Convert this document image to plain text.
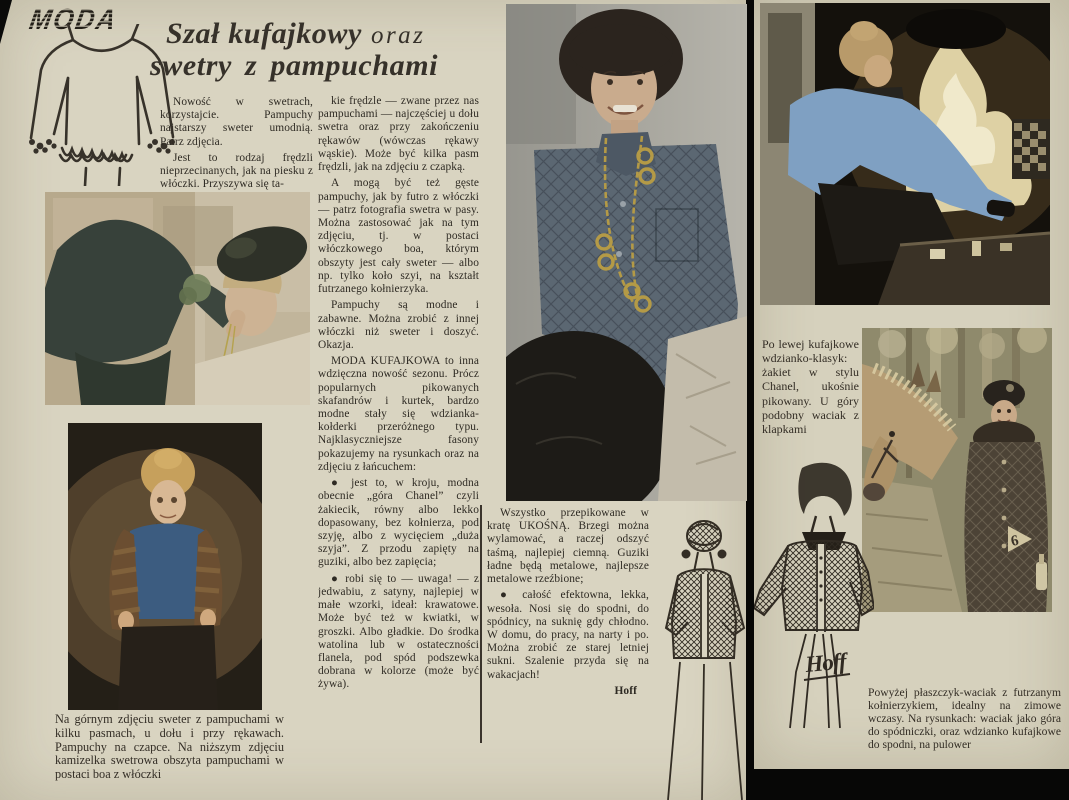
MODA	Szał kufajkowy oraz
swetry z pampuchami

Nowość w swetrach, korzystajcie. Pampuchy najstarszy sweter umodnią. Patrz zdjęcia.

Jest to rodzaj frędzli nieprzecinanych, jak na piesku z włóczki. Przyszywa się ta-

kie frędzle — zwane przez nas pampuchami — najczęściej u dołu swetra oraz przy zakończeniu rękawów (wówczas rękawy wąskie). Może być kilka pasm frędzli, jak na zdjęciu z czapką.

A mogą być też gęste pampuchy, jak by futro z włóczki — patrz fotografia swetra w pasy. Można zastosować jak na tym zdjęciu, tj. w postaci włóczkowego boa, którym obszyty jest cały sweter — albo np. tylko koło szyi, na kształt futrzanego kołnierzyka.

Pampuchy są modne i zabawne. Można zrobić z innej włóczki niż sweter i doszyć. Okazja.

MODA KUFAJKOWA to inna wdzięczna nowość sezonu. Prócz popularnych pikowanych skafandrów i kurtek, bardzo modne stały się wdzianka-kołderki przeróżnego typu. Najklasyczniejsze fasony pokazujemy na rysunkach oraz na zdjęciu z łańcuchem:

● jest to, w kroju, modna obecnie „góra Chanel” czyli żakiecik, równy albo lekko dopasowany, bez kołnierza, pod szyję, albo z wycięciem „duża szyja”. Z przodu zapięty na guziki, albo bez zapięcia;

● robi się to — uwaga! — z jedwabiu, z satyny, najlepiej w małe wzorki, ideał: krawatowe. Może być też w kwiatki, w groszki. Albo gładkie. Do środka watolina lub w ostateczności flanela, pod spód podszewka dobrana w kolorze (może być żywa).

Wszystko przepikowane w kratę UKOŚNĄ. Brzegi można wylamować, a raczej odszyć taśmą, najlepiej ciemną. Guziki ładne będą metalowe, najlepsze metalowe rzeźbione;

● całość efektowna, lekka, wesoła. Nosi się do spodni, do spódnicy, na suknię gdy chłodno. W domu, do pracy, na narty i po. Można zrobić ze starej letniej sukni. Szalenie przyda się na wakacjach!

Hoff

Na górnym zdjęciu sweter z pampuchami w kilku pasmach, u dołu i przy rękawach. Pampuchy na czapce. Na niższym zdjęciu kamizelka swetrowa obszyta pampuchami w postaci boa z włóczki
Po lewej kufajkowe wdzianko-klasyk: żakiet w stylu Chanel, ukośnie pikowany. U góry podobny waciak z klapkami
6
Hoff
Powyżej płaszczyk-waciak z futrzanym kołnierzykiem, idealny na zimowe wczasy. Na rysunkach: waciak jako góra do spódniczki, oraz wdzianko kufajkowe do spodni, na pulower
